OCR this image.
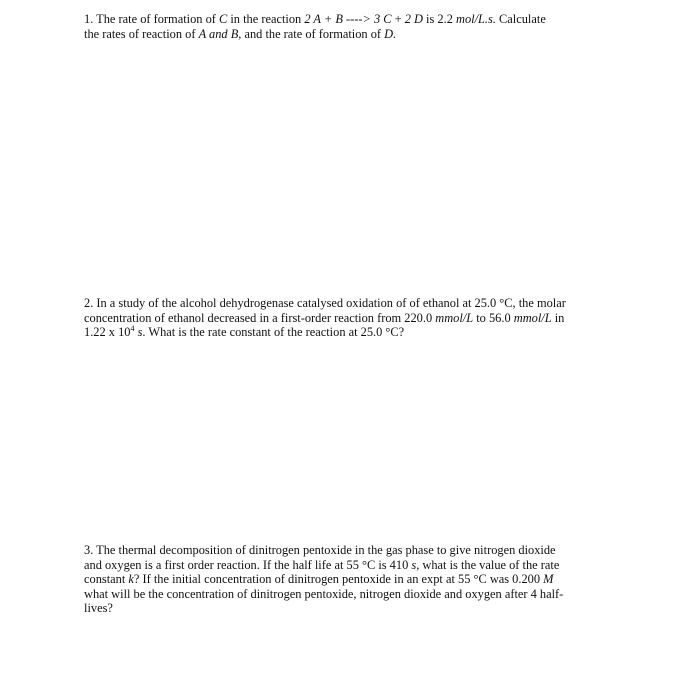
1. The rate of formation of C in the reaction 2 A + B ----> 3 C + 2 D is 2.2 mol/L.s. Calculate
the rates of reaction of A and B, and the rate of formation of D.

2. In a study of the alcohol dehydrogenase catalysed oxidation of of ethanol at 25.0 °C, the molar
concentration of ethanol decreased in a first-order reaction from 220.0 mmol/L to 56.0 mmol/L in
1.22 x $10^4$ s. What is the rate constant of the reaction at 25.0 °C?

3. The thermal decomposition of dinitrogen pentoxide in the gas phase to give nitrogen dioxide
and oxygen is a first order reaction. If the half life at 55 °C is 410 s, what is the value of the rate
constant k? If the initial concentration of dinitrogen pentoxide in an expt at 55 °C was 0.200 M
what will be the concentration of dinitrogen pentoxide, nitrogen dioxide and oxygen after 4 half-
lives?
